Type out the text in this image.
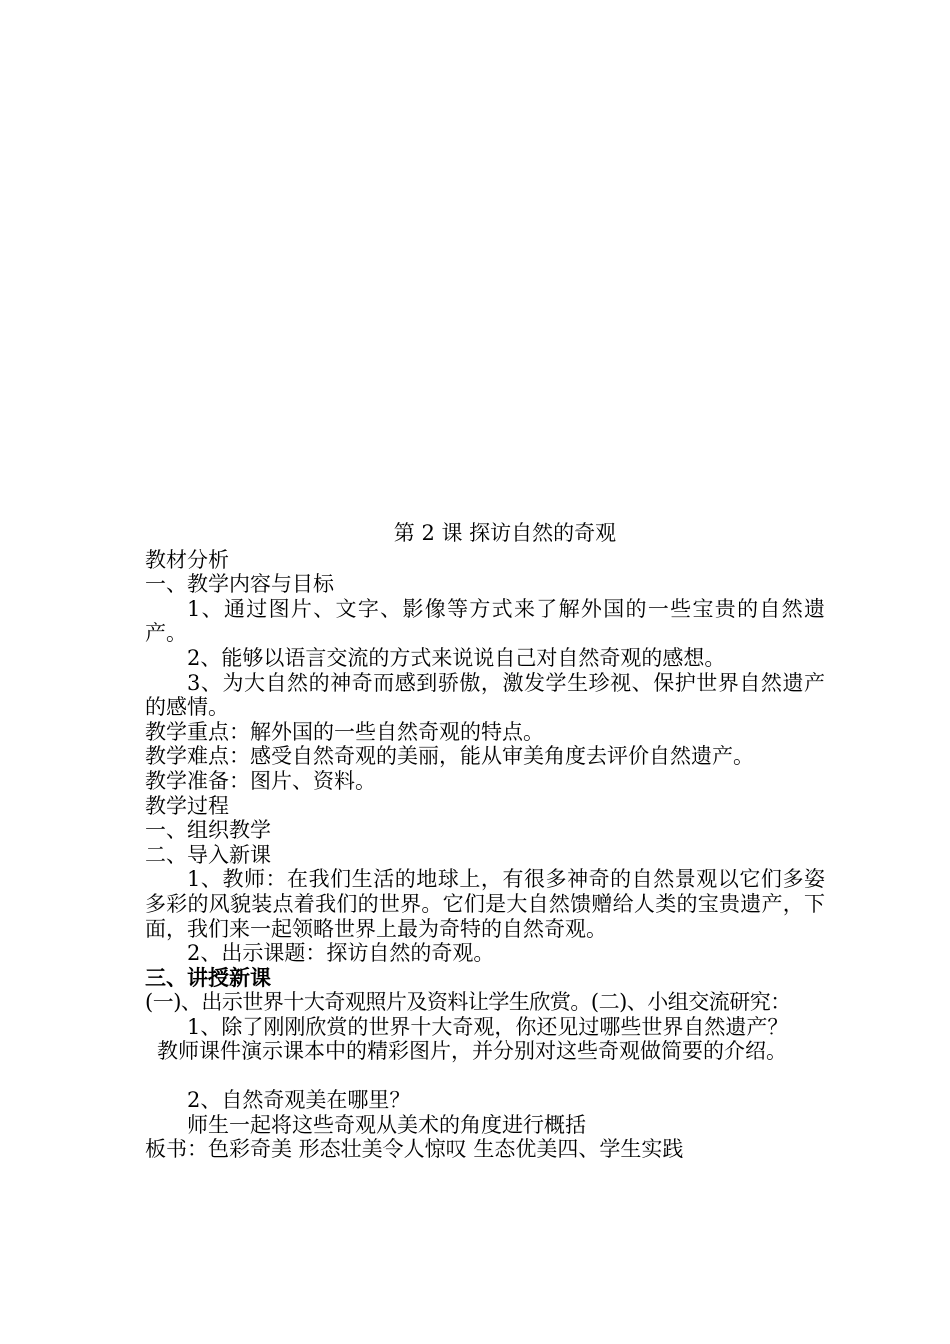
第 2 课 探访自然的奇观
教材分析
一、教学内容与目标
1、通过图片、文字、影像等方式来了解外国的一些宝贵的自然遗产。
2、能够以语言交流的方式来说说自己对自然奇观的感想。
3、为大自然的神奇而感到骄傲，激发学生珍视、保护世界自然遗产的感情。
教学重点：解外国的一些自然奇观的特点。
教学难点：感受自然奇观的美丽，能从审美角度去评价自然遗产。
教学准备：图片、资料。
教学过程
一、组织教学
二、导入新课
1、教师：在我们生活的地球上，有很多神奇的自然景观以它们多姿多彩的风貌装点着我们的世界。它们是大自然馈赠给人类的宝贵遗产，下面，我们来一起领略世界上最为奇特的自然奇观。
2、出示课题：探访自然的奇观。
三、讲授新课
(一)、出示世界十大奇观照片及资料让学生欣赏。(二)、小组交流研究：
1、除了刚刚欣赏的世界十大奇观，你还见过哪些世界自然遗产？
教师课件演示课本中的精彩图片，并分别对这些奇观做简要的介绍。
2、自然奇观美在哪里？
师生一起将这些奇观从美术的角度进行概括
板书：色彩奇美 形态壮美令人惊叹 生态优美四、学生实践
